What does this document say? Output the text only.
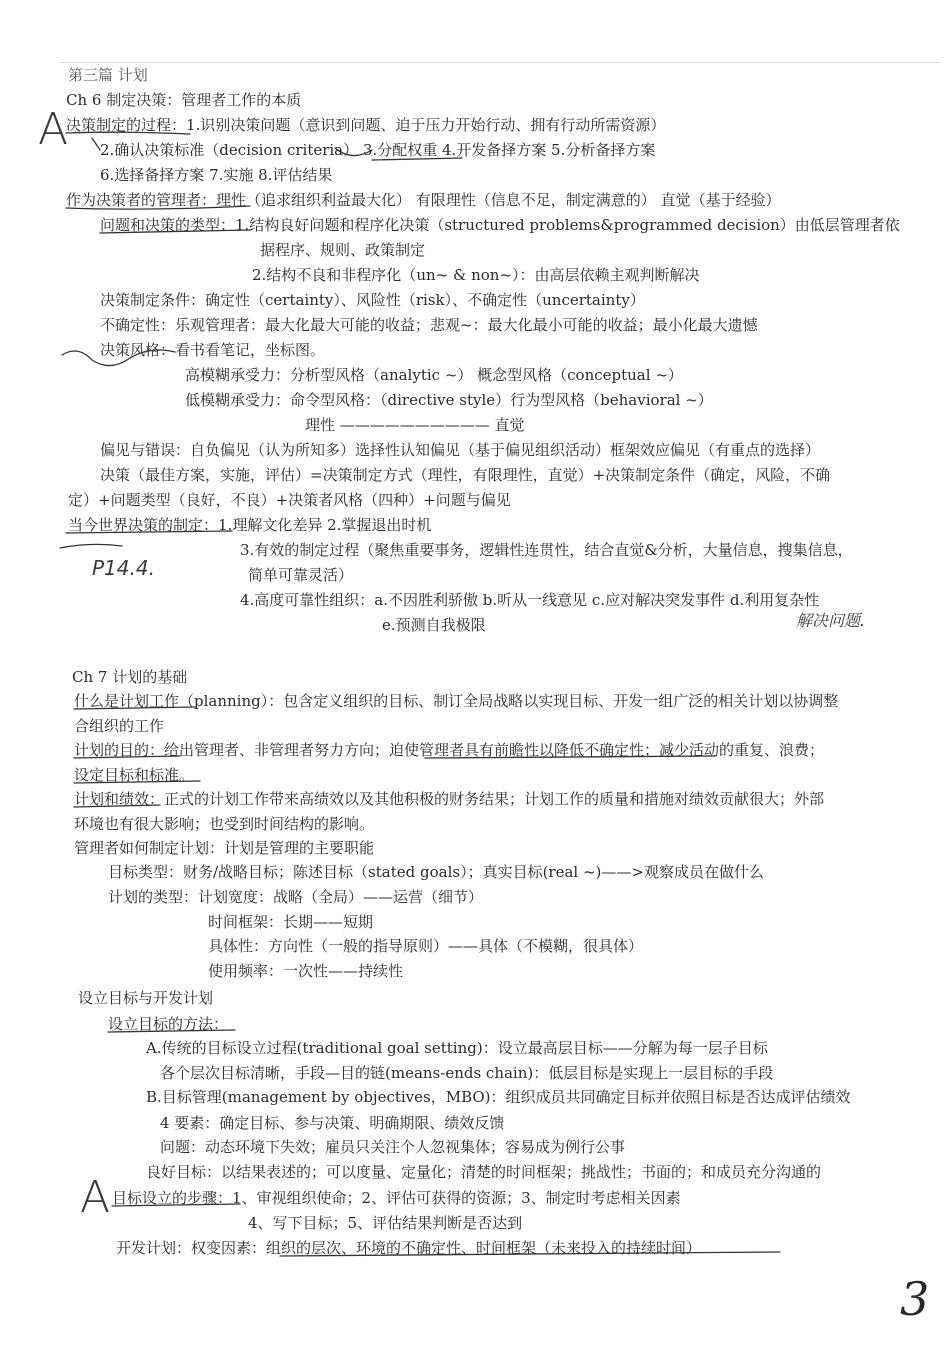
第三篇 计划
Ch 6 制定决策：管理者工作的本质
决策制定的过程：1.识别决策问题（意识到问题、迫于压力开始行动、拥有行动所需资源）
2.确认决策标准（decision criteria） 3.分配权重 4.开发备择方案 5.分析备择方案
6.选择备择方案 7.实施 8.评估结果
作为决策者的管理者：理性（追求组织利益最大化） 有限理性（信息不足，制定满意的） 直觉（基于经验）
问题和决策的类型：1.结构良好问题和程序化决策（structured problems&programmed decision）由低层管理者依
据程序、规则、政策制定
2.结构不良和非程序化（un~ & non~）：由高层依赖主观判断解决
决策制定条件：确定性（certainty）、风险性（risk）、不确定性（uncertainty）
不确定性：乐观管理者：最大化最大可能的收益；悲观~：最大化最小可能的收益；最小化最大遗憾
决策风格：看书看笔记，坐标图。
高模糊承受力：分析型风格（analytic ~） 概念型风格（conceptual ~）
低模糊承受力：命令型风格：（directive style）行为型风格（behavioral ~）
理性 —————————— 直觉
偏见与错误：自负偏见（认为所知多）选择性认知偏见（基于偏见组织活动）框架效应偏见（有重点的选择）
决策（最佳方案，实施，评估）=决策制定方式（理性，有限理性，直觉）+决策制定条件（确定，风险，不确
定）+问题类型（良好，不良）+决策者风格（四种）+问题与偏见
当今世界决策的制定：1.理解文化差异 2.掌握退出时机
3.有效的制定过程（聚焦重要事务，逻辑性连贯性，结合直觉&分析，大量信息，搜集信息，
简单可靠灵活）
4.高度可靠性组织：a.不因胜利骄傲 b.听从一线意见 c.应对解决突发事件 d.利用复杂性
e.预测自我极限
Ch 7 计划的基础
什么是计划工作（planning）：包含定义组织的目标、制订全局战略以实现目标、开发一组广泛的相关计划以协调整
合组织的工作
计划的目的：给出管理者、非管理者努力方向；迫使管理者具有前瞻性以降低不确定性；减少活动的重复、浪费；
设定目标和标准。
计划和绩效：正式的计划工作带来高绩效以及其他积极的财务结果；计划工作的质量和措施对绩效贡献很大；外部
环境也有很大影响；也受到时间结构的影响。
管理者如何制定计划：计划是管理的主要职能
目标类型：财务/战略目标；陈述目标（stated goals）；真实目标(real ~)——>观察成员在做什么
计划的类型：计划宽度：战略（全局）——运营（细节）
时间框架：长期——短期
具体性：方向性（一般的指导原则）——具体（不模糊，很具体）
使用频率：一次性——持续性
设立目标与开发计划
设立目标的方法：
A.传统的目标设立过程(traditional goal setting)：设立最高层目标——分解为每一层子目标
各个层次目标清晰，手段—目的链(means-ends chain)：低层目标是实现上一层目标的手段
B.目标管理(management by objectives，MBO)：组织成员共同确定目标并依照目标是否达成评估绩效
4 要素：确定目标、参与决策、明确期限、绩效反馈
问题：动态环境下失效；雇员只关注个人忽视集体；容易成为例行公事
良好目标：以结果表述的；可以度量、定量化；清楚的时间框架；挑战性；书面的；和成员充分沟通的
目标设立的步骤：1、审视组织使命；2、评估可获得的资源；3、制定时考虑相关因素
4、写下目标；5、评估结果判断是否达到
开发计划：权变因素：组织的层次、环境的不确定性、时间框架（未来投入的持续时间）
A
A
P14.4.
解决问题.
3
